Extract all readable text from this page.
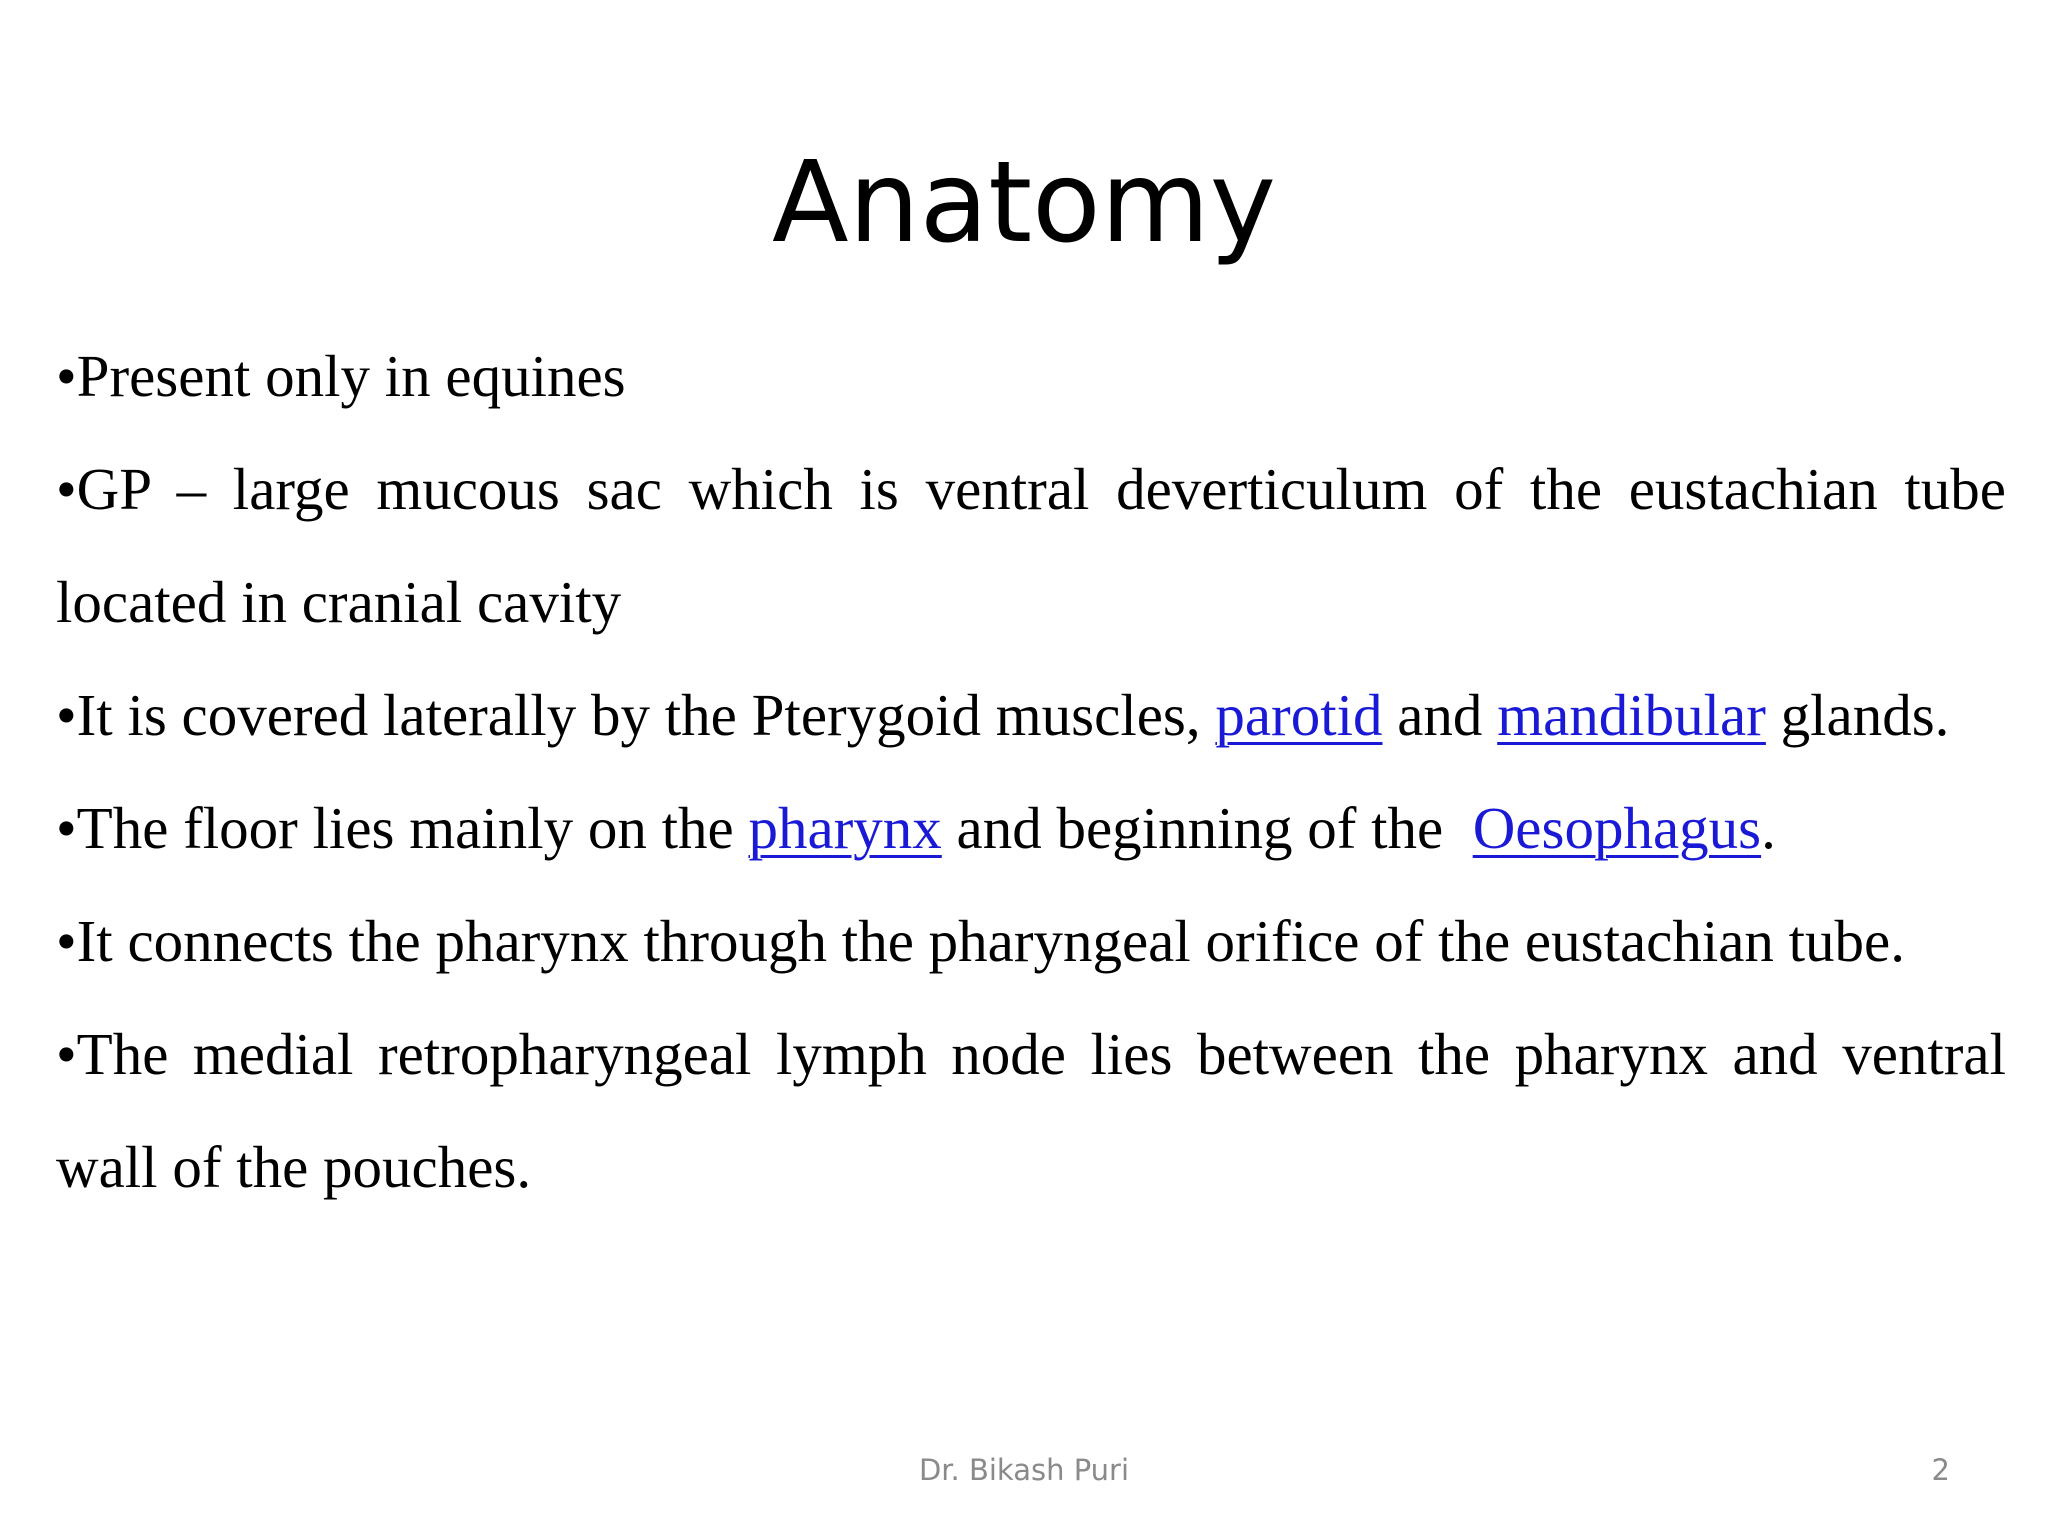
Anatomy

•Present only in equines

•GP – large mucous sac which is ventral deverticulum of the eustachian tube located in cranial cavity

•It is covered laterally by the Pterygoid muscles, parotid and mandibular glands.

•The floor lies mainly on the pharynx and beginning of the  Oesophagus.

•It connects the pharynx through the pharyngeal orifice of the eustachian tube.

•The medial retropharyngeal lymph node lies between the pharynx and ventral wall of the pouches.

Dr. Bikash Puri	2
